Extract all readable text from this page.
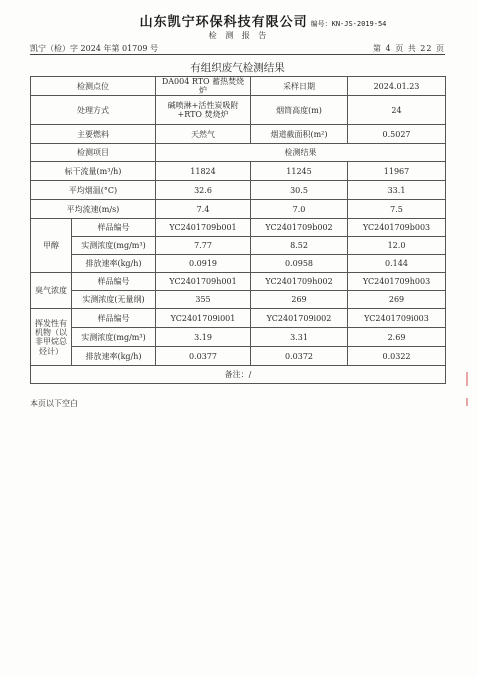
山东凯宁环保科技有限公司 编号：KN-JS-2019-54
检 测 报 告
凯宁（检）字 2024 年第 01709 号	第 4 页 共 22 页
有组织废气检测结果
检测点位		DA004 RTO 蓄热焚烧炉	采样日期	2024.01.23
处理方式		碱喷淋+活性炭吸附+RTO 焚烧炉	烟筒高度(m)	24
主要燃料		天然气	烟道截面积(m²)	0.5027
检测项目		检测结果		
标干流量(m³/h)		11824	11245	11967
平均烟温(°C)		32.6	30.5	33.1
平均流速(m/s)		7.4	7.0	7.5
甲醇	样品编号	YC2401709b001	YC2401709b002	YC2401709b003
	实测浓度(mg/m³)	7.77	8.52	12.0
	排放速率(kg/h)	0.0919	0.0958	0.144
臭气浓度	样品编号	YC2401709h001	YC2401709h002	YC2401709h003
	实测浓度(无量纲)	355	269	269
挥发性有机物（以非甲烷总烃计）	样品编号	YC2401709i001	YC2401709i002	YC2401709i003
	实测浓度(mg/m³)	3.19	3.31	2.69
	排放速率(kg/h)	0.0377	0.0372	0.0322
备注：/				
本页以下空白
